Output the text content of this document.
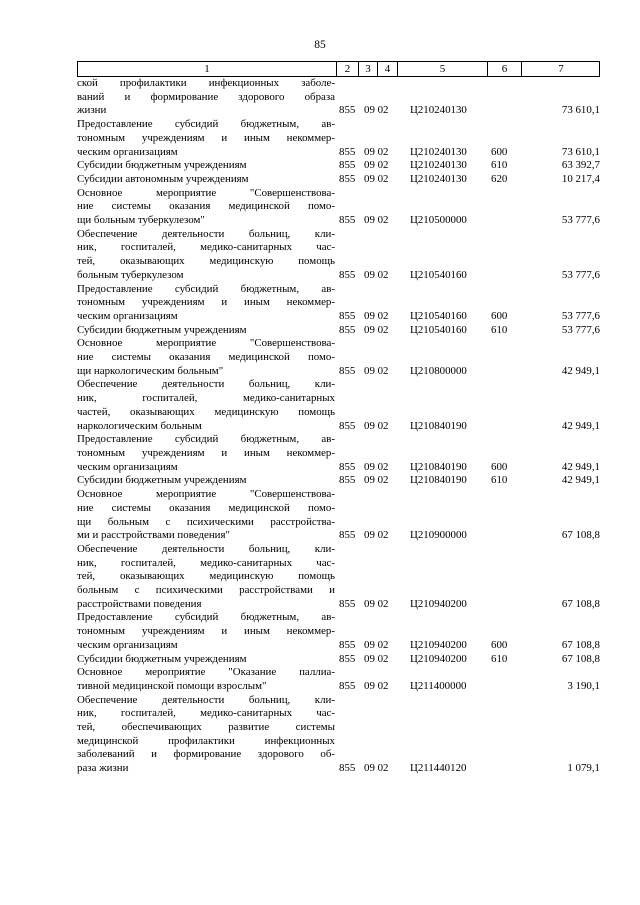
85
1	2	3	4	5	6	7
ской профилактики инфекционных заболе-
ваний и формирование здорового образа
жизни	855 09 02 Ц210240130	73 610,1
Предоставление субсидий бюджетным, ав-
тономным учреждениям и иным некоммер-
ческим организациям	855 09 02 Ц210240130 600	73 610,1
Субсидии бюджетным учреждениям	855 09 02 Ц210240130 610	63 392,7
Субсидии автономным учреждениям	855 09 02 Ц210240130 620	10 217,4
Основное мероприятие "Совершенствова-
ние системы оказания медицинской помо-
щи больным туберкулезом"	855 09 02 Ц210500000	53 777,6
Обеспечение деятельности больниц, кли-
ник, госпиталей, медико-санитарных час-
тей, оказывающих медицинскую помощь
больным туберкулезом	855 09 02 Ц210540160	53 777,6
Предоставление субсидий бюджетным, ав-
тономным учреждениям и иным некоммер-
ческим организациям	855 09 02 Ц210540160 600	53 777,6
Субсидии бюджетным учреждениям	855 09 02 Ц210540160 610	53 777,6
Основное мероприятие "Совершенствова-
ние системы оказания медицинской помо-
щи наркологическим больным"	855 09 02 Ц210800000	42 949,1
Обеспечение деятельности больниц, кли-
ник, госпиталей, медико-санитарных
частей, оказывающих медицинскую помощь
наркологическим больным	855 09 02 Ц210840190	42 949,1
Предоставление субсидий бюджетным, ав-
тономным учреждениям и иным некоммер-
ческим организациям	855 09 02 Ц210840190 600	42 949,1
Субсидии бюджетным учреждениям	855 09 02 Ц210840190 610	42 949,1
Основное мероприятие "Совершенствова-
ние системы оказания медицинской помо-
щи больным с психическими расстройства-
ми и расстройствами поведения"	855 09 02 Ц210900000	67 108,8
Обеспечение деятельности больниц, кли-
ник, госпиталей, медико-санитарных час-
тей, оказывающих медицинскую помощь
больным с психическими расстройствами и
расстройствами поведения	855 09 02 Ц210940200	67 108,8
Предоставление субсидий бюджетным, ав-
тономным учреждениям и иным некоммер-
ческим организациям	855 09 02 Ц210940200 600	67 108,8
Субсидии бюджетным учреждениям	855 09 02 Ц210940200 610	67 108,8
Основное мероприятие "Оказание паллиа-
тивной медицинской помощи взрослым"	855 09 02 Ц211400000	3 190,1
Обеспечение деятельности больниц, кли-
ник, госпиталей, медико-санитарных час-
тей, обеспечивающих развитие системы
медицинской профилактики инфекционных
заболеваний и формирование здорового об-
раза жизни	855 09 02 Ц211440120	1 079,1
